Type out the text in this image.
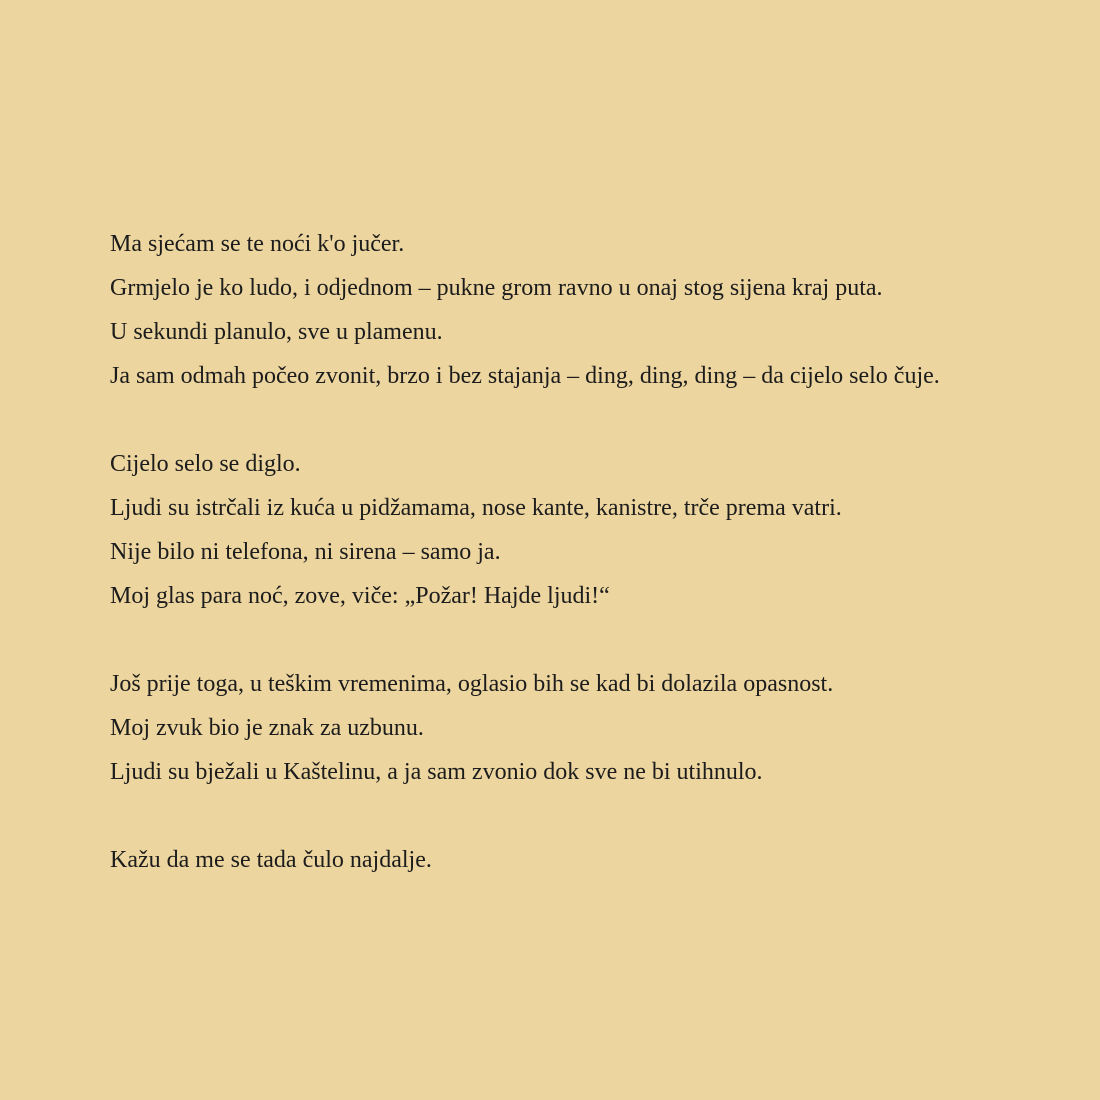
Ma sjećam se te noći k'o jučer.
Grmjelo je ko ludo, i odjednom – pukne grom ravno u onaj stog sijena kraj puta.
U sekundi planulo, sve u plamenu.
Ja sam odmah počeo zvonit, brzo i bez stajanja – ding, ding, ding – da cijelo selo čuje.

Cijelo selo se diglo.
Ljudi su istrčali iz kuća u pidžamama, nose kante, kanistre, trče prema vatri.
Nije bilo ni telefona, ni sirena – samo ja.
Moj glas para noć, zove, viče: „Požar! Hajde ljudi!“

Još prije toga, u teškim vremenima, oglasio bih se kad bi dolazila opasnost.
Moj zvuk bio je znak za uzbunu.
Ljudi su bježali u Kaštelinu, a ja sam zvonio dok sve ne bi utihnulo.

Kažu da me se tada čulo najdalje.
